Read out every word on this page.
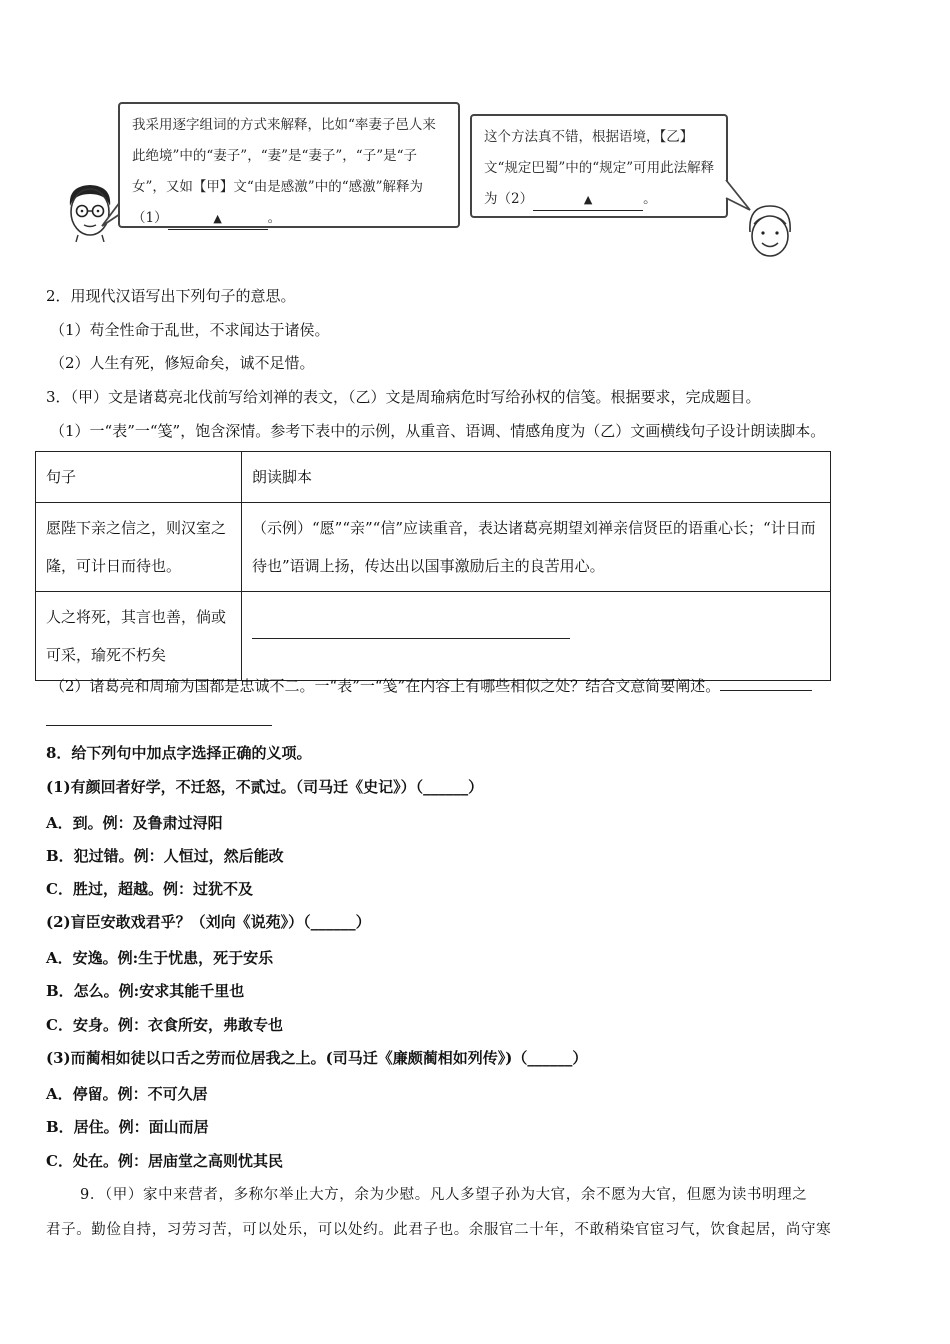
我采用逐字组词的方式来解释，比如“率妻子邑人来此绝境”中的“妻子”，“妻”是“妻子”，“子”是“子女”，又如【甲】文“由是感激”中的“感激”解释为（1）	▲	。
这个方法真不错，根据语境，【乙】文“规定巴蜀”中的“规定”可用此法解释为（2）	▲	。
2．用现代汉语写出下列句子的意思。
（1）苟全性命于乱世，不求闻达于诸侯。
（2）人生有死，修短命矣，诚不足惜。
3．（甲）文是诸葛亮北伐前写给刘禅的表文，（乙）文是周瑜病危时写给孙权的信笺。根据要求，完成题目。
（1）一“表”一“笺”，饱含深情。参考下表中的示例，从重音、语调、情感角度为（乙）文画横线句子设计朗读脚本。
句子	朗读脚本
愿陛下亲之信之，则汉室之隆，可计日而待也。	（示例）“愿”“亲”“信”应读重音，表达诸葛亮期望刘禅亲信贤臣的语重心长；“计日而待也”语调上扬，传达出以国事激励后主的良苦用心。
人之将死，其言也善，倘或可采，瑜死不朽矣	
（2）诸葛亮和周瑜为国都是忠诚不二。一“表”一“笺”在内容上有哪些相似之处？结合文意简要阐述。
8．给下列句中加点字选择正确的义项。
(1)有颜回者好学，不迁怒，不贰过。（司马迁《史记》）（______）
A．到。例：及鲁肃过浔阳
B．犯过错。例：人恒过，然后能改
C．胜过，超越。例：过犹不及
(2)盲臣安敢戏君乎？（刘向《说苑》）（______）
A．安逸。例:生于忧患，死于安乐
B．怎么。例:安求其能千里也
C．安身。例：衣食所安，弗敢专也
(3)而蔺相如徒以口舌之劳而位居我之上。(司马迁《廉颇蔺相如列传》)（______）
A．停留。例：不可久居
B．居住。例：面山而居
C．处在。例：居庙堂之高则忧其民
9．（甲）家中来营者，多称尔举止大方，余为少慰。凡人多望子孙为大官，余不愿为大官，但愿为读书明理之
君子。勤俭自持，习劳习苦，可以处乐，可以处约。此君子也。余服官二十年，不敢稍染官宦习气，饮食起居，尚守寒
